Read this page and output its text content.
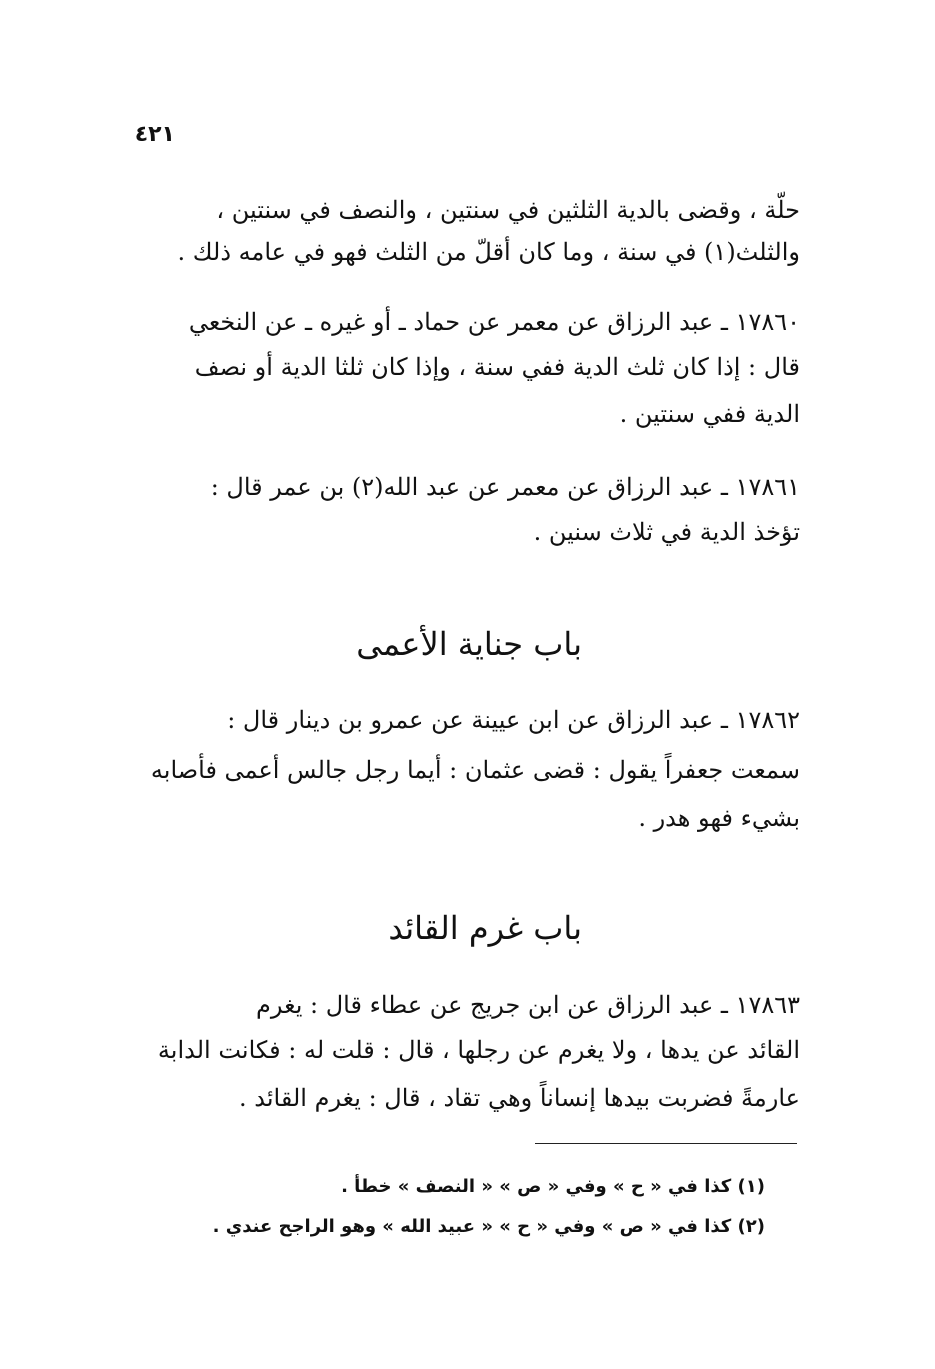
٤٢١
حلّة ، وقضى بالدية الثلثين في سنتين ، والنصف في سنتين ،
والثلث(١) في سنة ، وما كان أقلّ من الثلث فهو في عامه ذلك .
١٧٨٦٠ ـ عبد الرزاق عن معمر عن حماد ـ أو غيره ـ عن النخعي
قال : إذا كان ثلث الدية ففي سنة ، وإذا كان ثلثا الدية أو نصف
الدية ففي سنتين .
١٧٨٦١ ـ عبد الرزاق عن معمر عن عبد الله(٢) بن عمر قال :
تؤخذ الدية في ثلاث سنين .
باب جناية الأعمى
١٧٨٦٢ ـ عبد الرزاق عن ابن عيينة عن عمرو بن دينار قال :
سمعت جعفراً يقول : قضى عثمان : أيما رجل جالس أعمى فأصابه
بشيء فهو هدر .
باب غرم القائد
١٧٨٦٣ ـ عبد الرزاق عن ابن جريج عن عطاء قال : يغرم
القائد عن يدها ، ولا يغرم عن رجلها ، قال : قلت له : فكانت الدابة
عارمةً فضربت بيدها إنساناً وهي تقاد ، قال : يغرم القائد .
(١) كذا في « ح » وفي « ص » « النصف » خطأ .
(٢) كذا في « ص » وفي « ح » « عبيد الله » وهو الراجح عندي .
